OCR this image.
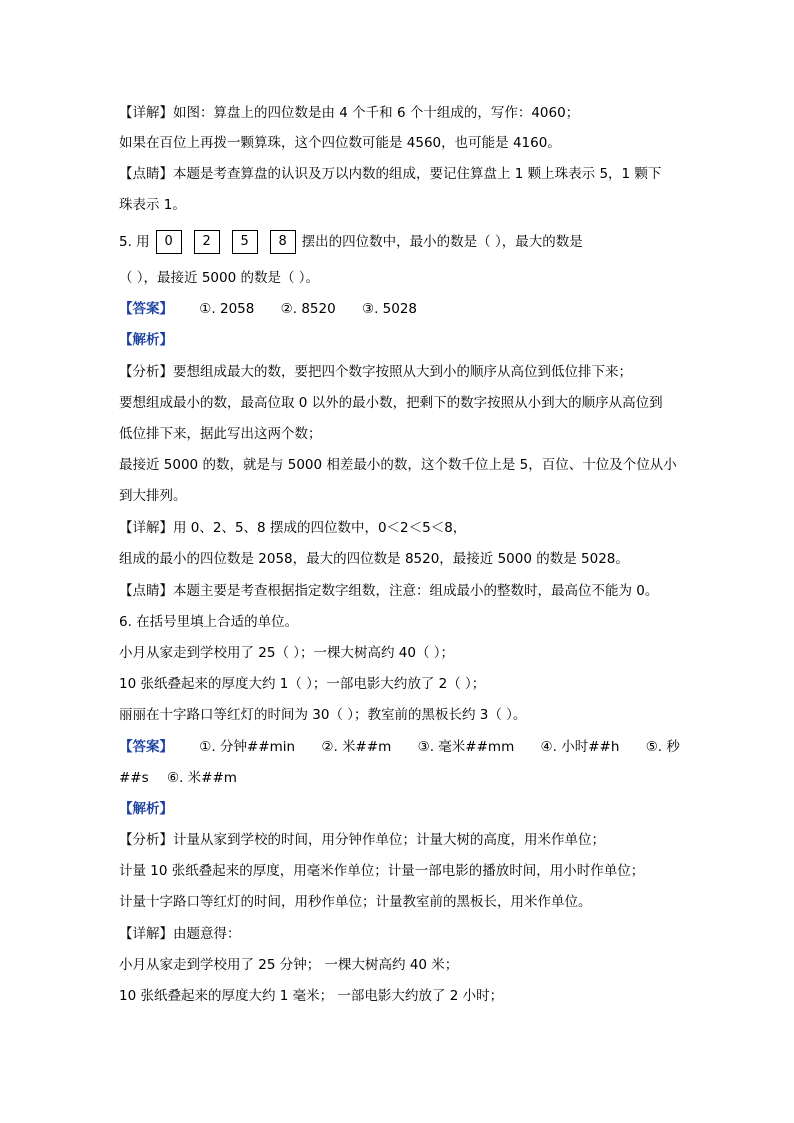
【详解】如图：算盘上的四位数是由 4 个千和 6 个十组成的，写作：4060；
如果在百位上再拨一颗算珠，这个四位数可能是 4560，也可能是 4160。
【点睛】本题是考查算盘的认识及万以内数的组成，要记住算盘上 1 颗上珠表示 5，1 颗下
珠表示 1。
5. 用 0 2 5 8 摆出的四位数中，最小的数是（ ），最大的数是
（ ），最接近 5000 的数是（ ）。
【答案】 ①. 2058 ②. 8520 ③. 5028
【解析】
【分析】要想组成最大的数，要把四个数字按照从大到小的顺序从高位到低位排下来；
要想组成最小的数，最高位取 0 以外的最小数，把剩下的数字按照从小到大的顺序从高位到
低位排下来，据此写出这两个数；
最接近 5000 的数，就是与 5000 相差最小的数，这个数千位上是 5，百位、十位及个位从小
到大排列。
【详解】用 0、2、5、8 摆成的四位数中，0＜2＜5＜8，
组成的最小的四位数是 2058，最大的四位数是 8520，最接近 5000 的数是 5028。
【点睛】本题主要是考查根据指定数字组数，注意：组成最小的整数时，最高位不能为 0。
6. 在括号里填上合适的单位。
小月从家走到学校用了 25（ ）；一棵大树高约 40（ ）；
10 张纸叠起来的厚度大约 1（ ）；一部电影大约放了 2（ ）；
丽丽在十字路口等红灯的时间为 30（ ）；教室前的黑板长约 3（ ）。
【答案】 ①. 分钟##min ②. 米##m ③. 毫米##mm ④. 小时##h ⑤. 秒
##s ⑥. 米##m
【解析】
【分析】计量从家到学校的时间，用分钟作单位；计量大树的高度，用米作单位；
计量 10 张纸叠起来的厚度，用毫米作单位；计量一部电影的播放时间，用小时作单位；
计量十字路口等红灯的时间，用秒作单位；计量教室前的黑板长，用米作单位。
【详解】由题意得：
小月从家走到学校用了 25 分钟； 一棵大树高约 40 米；
10 张纸叠起来的厚度大约 1 毫米； 一部电影大约放了 2 小时；
